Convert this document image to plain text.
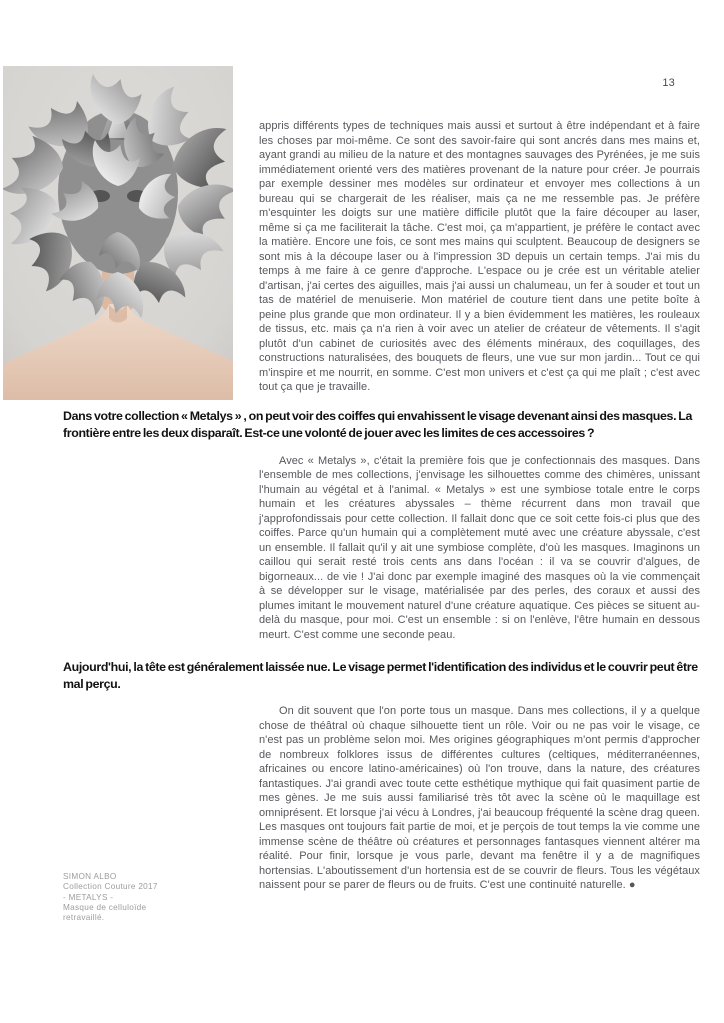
13
SIMON ALBO
Collection Couture 2017
- METALYS -
Masque de celluloïde
retravaillé.

appris différents types de techniques mais aussi et surtout à être indépendant et à faire les choses par moi-même. Ce sont des savoir-faire qui sont ancrés dans mes mains et, ayant grandi au milieu de la nature et des montagnes sauvages des Pyrénées, je me suis immédiatement orienté vers des matières provenant de la nature pour créer. Je pourrais par exemple dessiner mes modèles sur ordinateur et envoyer mes collections à un bureau qui se chargerait de les réaliser, mais ça ne me ressemble pas. Je préfère m'esquinter les doigts sur une matière difficile plutôt que la faire découper au laser, même si ça me faciliterait la tâche. C'est moi, ça m'appartient, je préfère le contact avec la matière. Encore une fois, ce sont mes mains qui sculptent. Beaucoup de designers se sont mis à la découpe laser ou à l'impression 3D depuis un certain temps. J'ai mis du temps à me faire à ce genre d'approche. L'espace ou je crée est un véritable atelier d'artisan, j'ai certes des aiguilles, mais j'ai aussi un chalumeau, un fer à souder et tout un tas de matériel de menuiserie. Mon matériel de couture tient dans une petite boîte à peine plus grande que mon ordinateur. Il y a bien évidemment les matières, les rouleaux de tissus, etc. mais ça n'a rien à voir avec un atelier de créateur de vêtements. Il s'agit plutôt d'un cabinet de curiosités avec des éléments minéraux, des coquillages, des constructions naturalisées, des bouquets de fleurs, une vue sur mon jardin... Tout ce qui m'inspire et me nourrit, en somme. C'est mon univers et c'est ça qui me plaît ; c'est avec tout ça que je travaille.

Dans votre collection « Metalys » , on peut voir des coiffes qui envahissent le visage devenant ainsi des masques. La frontière entre les deux disparaît. Est-ce une volonté de jouer avec les limites de ces accessoires ?

Avec « Metalys », c'était la première fois que je confectionnais des masques. Dans l'ensemble de mes collections, j'envisage les silhouettes comme des chimères, unissant l'humain au végétal et à l'animal. « Metalys » est une symbiose totale entre le corps humain et les créatures abyssales – thème récurrent dans mon travail que j'approfondissais pour cette collection. Il fallait donc que ce soit cette fois-ci plus que des coiffes. Parce qu'un humain qui a complètement muté avec une créature abyssale, c'est un ensemble. Il fallait qu'il y ait une symbiose complète, d'où les masques. Imaginons un caillou qui serait resté trois cents ans dans l'océan : il va se couvrir d'algues, de bigorneaux... de vie ! J'ai donc par exemple imaginé des masques où la vie commençait à se développer sur le visage, matérialisée par des perles, des coraux et aussi des plumes imitant le mouvement naturel d'une créature aquatique. Ces pièces se situent au-delà du masque, pour moi. C'est un ensemble : si on l'enlève, l'être humain en dessous meurt. C'est comme une seconde peau.

Aujourd'hui, la tête est généralement laissée nue. Le visage permet l'identification des individus et le couvrir peut être mal perçu.

On dit souvent que l'on porte tous un masque. Dans mes collections, il y a quelque chose de théâtral où chaque silhouette tient un rôle. Voir ou ne pas voir le visage, ce n'est pas un problème selon moi. Mes origines géographiques m'ont permis d'approcher de nombreux folklores issus de différentes cultures (celtiques, méditerranéennes, africaines ou encore latino-américaines) où l'on trouve, dans la nature, des créatures fantastiques. J'ai grandi avec toute cette esthétique mythique qui fait quasiment partie de mes gènes. Je me suis aussi familiarisé très tôt avec la scène où le maquillage est omniprésent. Et lorsque j'ai vécu à Londres, j'ai beaucoup fréquenté la scène drag queen. Les masques ont toujours fait partie de moi, et je perçois de tout temps la vie comme une immense scène de théâtre où créatures et personnages fantasques viennent altérer ma réalité. Pour finir, lorsque je vous parle, devant ma fenêtre il y a de magnifiques hortensias. L'aboutissement d'un hortensia est de se couvrir de fleurs. Tous les végétaux naissent pour se parer de fleurs ou de fruits. C'est une continuité naturelle. ●
